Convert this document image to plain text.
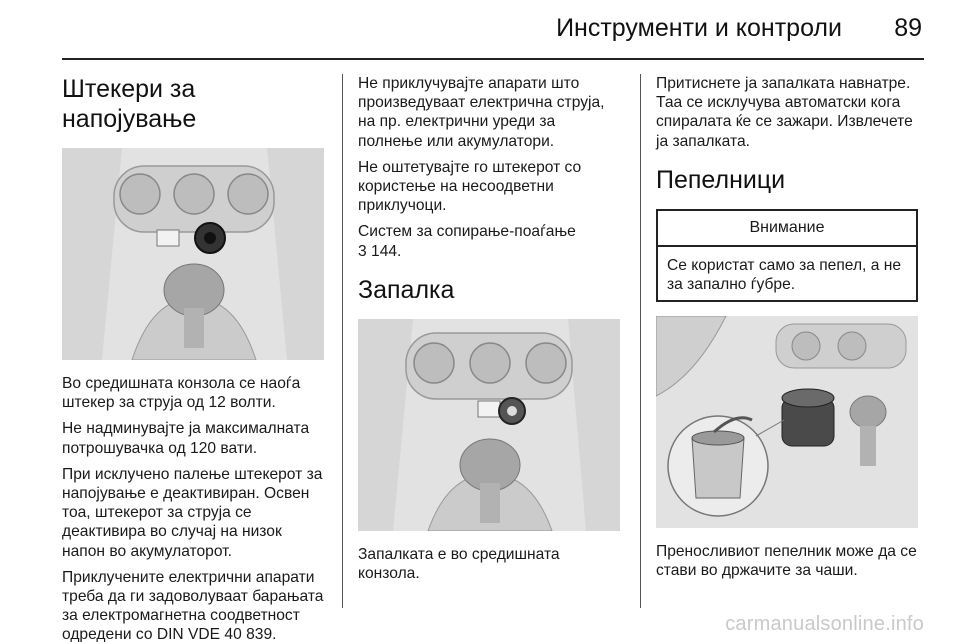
Инструменти и контроли 89
Штекери за напојување

Во средишната конзола се наоѓа штекер за струја од 12 волти.

Не надминувајте ја максималната потрошувачка од 120 вати.

При исклучено палење штекерот за напојување е деактивиран. Освен тоа, штекерот за струја се деактивира во случај на низок напон во акумулаторот.

Приклучените електрични апарати треба да ги задоволуваат барањата за електромагнетна соодветност одредени со DIN VDE 40 839.

Не приклучувајте апарати што произведуваат електрична струја, на пр. електрични уреди за полнење или акумулатори.

Не оштетувајте го штекерот со користење на несоодветни приклучоци.

Систем за сопирање-поаѓање
3 144.

Запалка

Запалката е во средишната конзола.

Притиснете ја запалката навнатре. Таа се исклучува автоматски кога спиралата ќе се зажари. Извлечете ја запалката.

Пепелници
Внимание
Се користат само за пепел, а не за запално ѓубре.

Преносливиот пепелник може да се стави во држачите за чаши.

carmanualsonline.info
